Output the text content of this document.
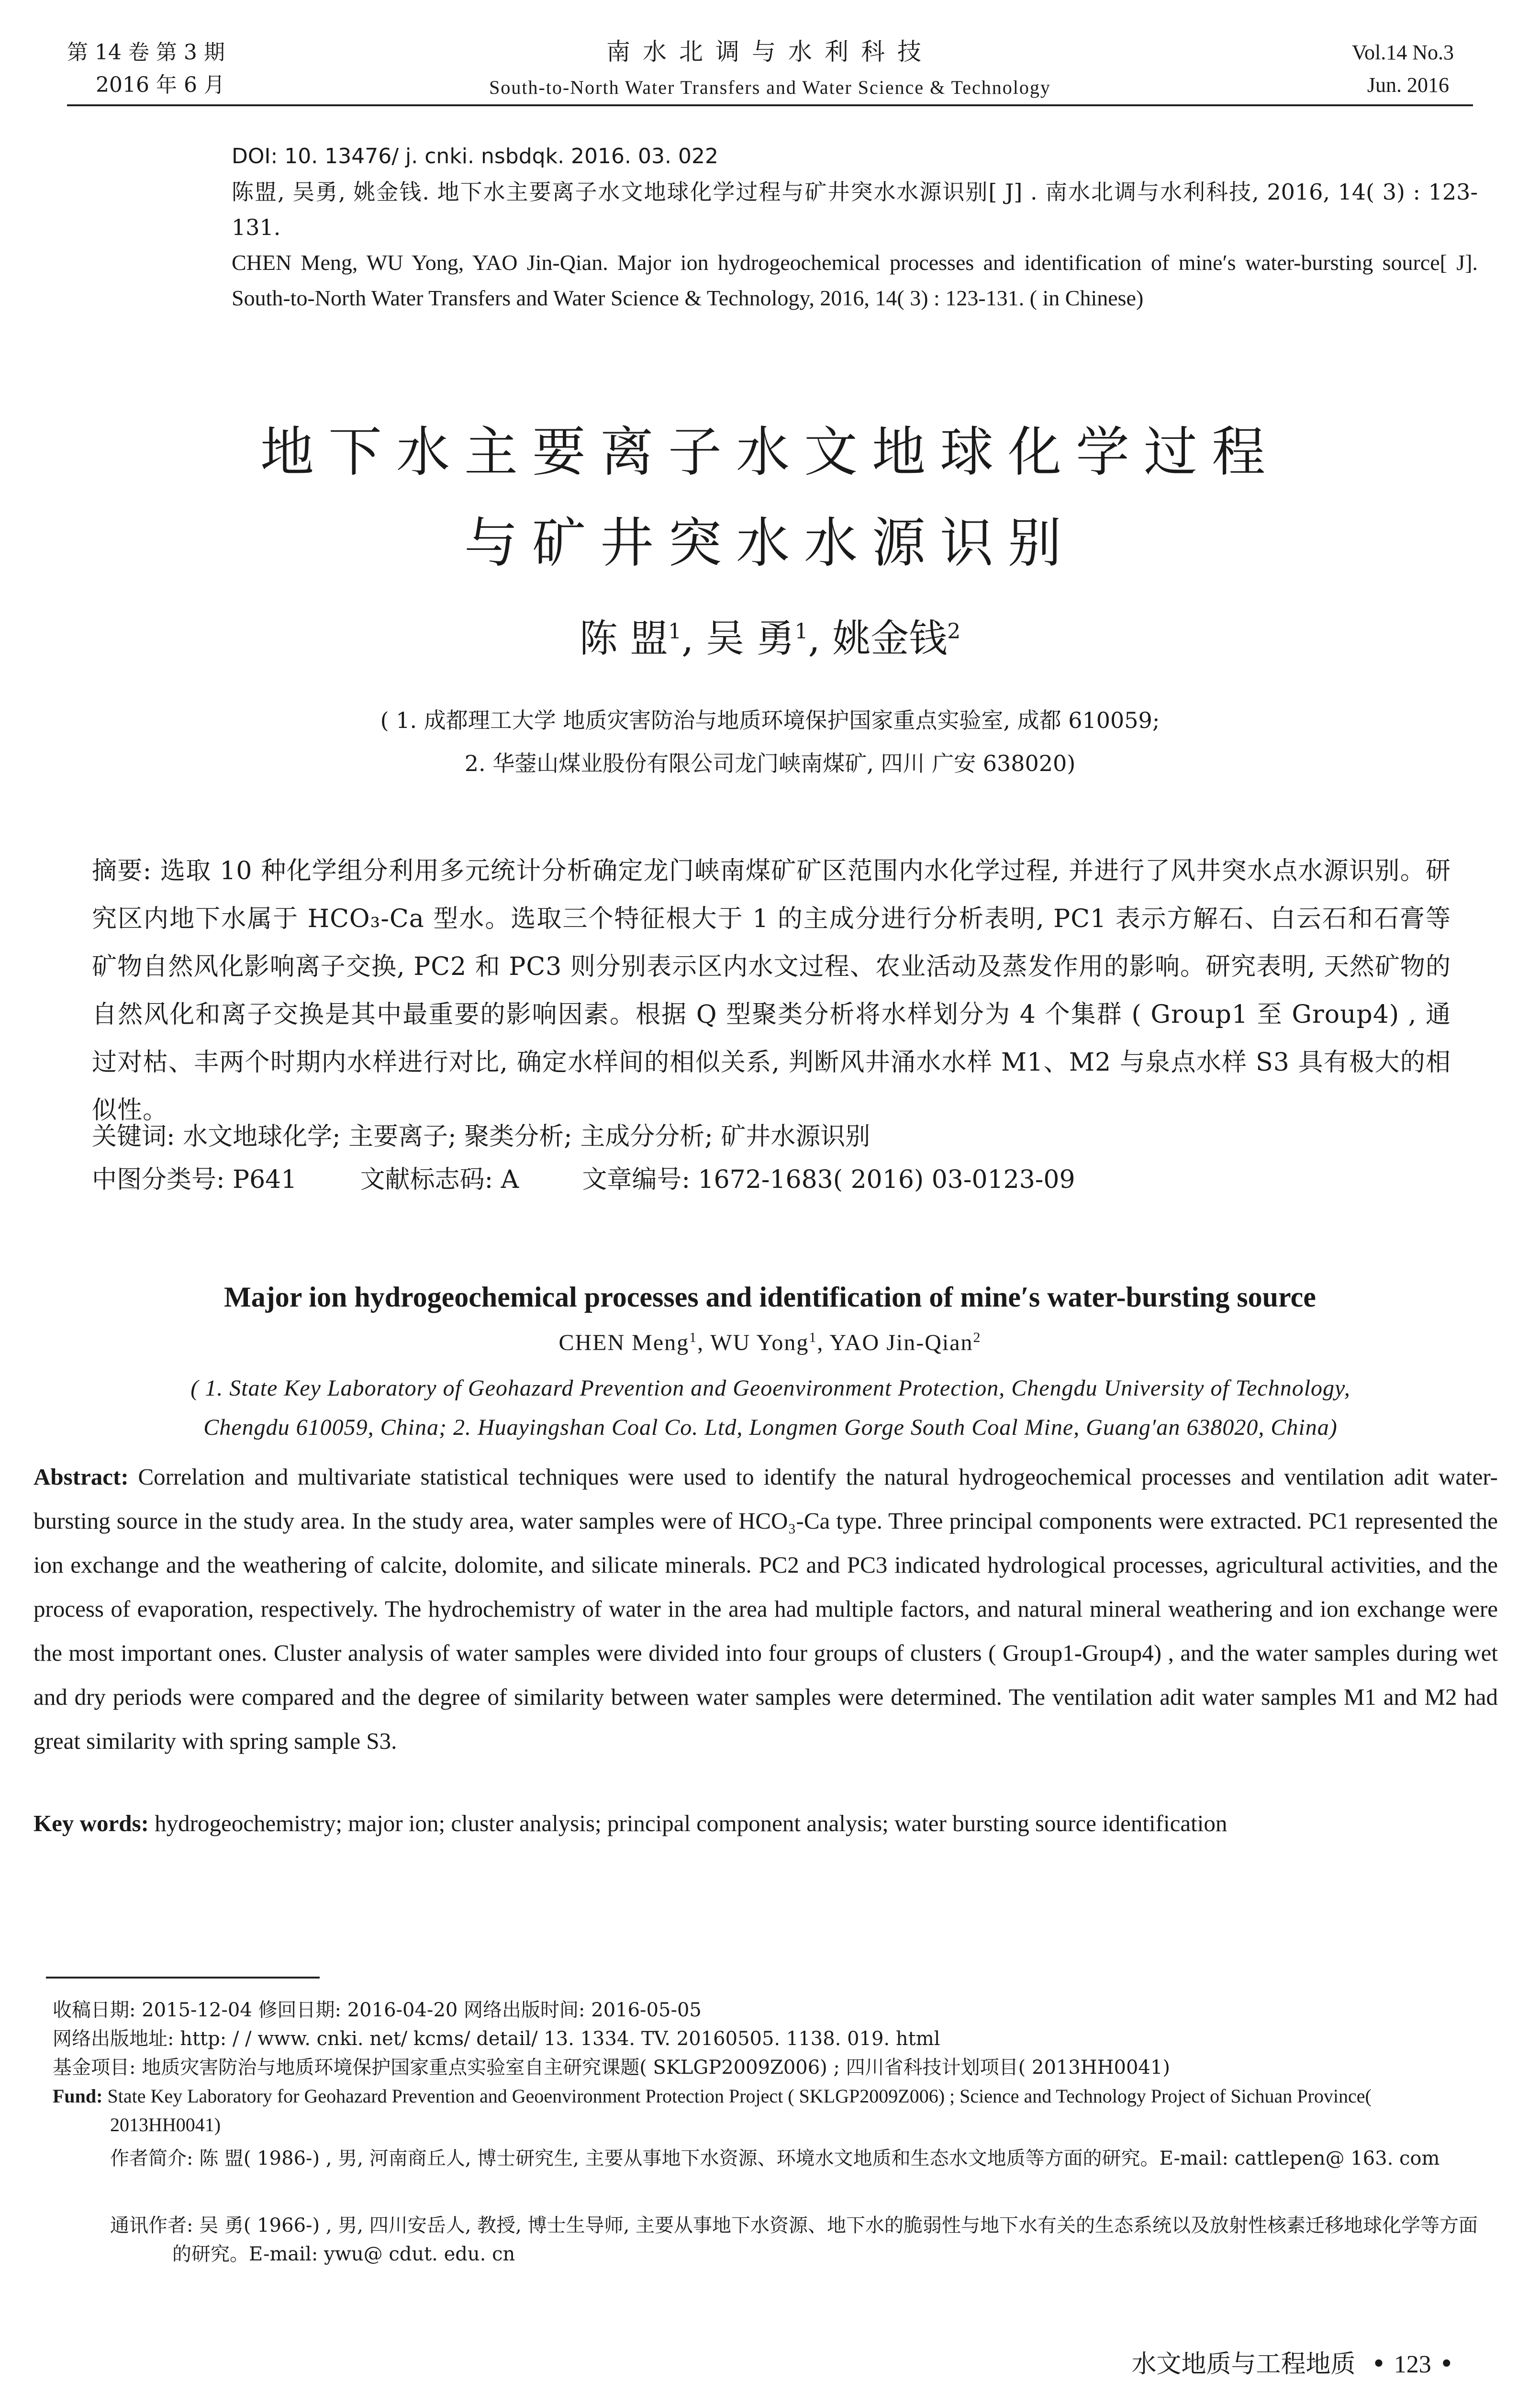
第 14 卷 第 3 期
2016 年 6 月
南水北调与水利科技
South-to-North Water Transfers and Water Science & Technology
Vol.14 No.3
Jun. 2016
DOI: 10. 13476/ j. cnki. nsbdqk. 2016. 03. 022
陈盟, 吴勇, 姚金钱. 地下水主要离子水文地球化学过程与矿井突水水源识别[ J] . 南水北调与水利科技, 2016, 14( 3) : 123-131.
CHEN Meng, WU Yong, YAO Jin-Qian. Major ion hydrogeochemical processes and identification of mine′s water-bursting source[ J]. South-to-North Water Transfers and Water Science & Technology, 2016, 14( 3) : 123-131. ( in Chinese)
地下水主要离子水文地球化学过程
与矿井突水水源识别
陈 盟$^1$, 吴 勇$^1$, 姚金钱$^2$
( 1. 成都理工大学 地质灾害防治与地质环境保护国家重点实验室, 成都 610059;
2. 华蓥山煤业股份有限公司龙门峡南煤矿, 四川 广安 638020)
摘要: 选取 10 种化学组分利用多元统计分析确定龙门峡南煤矿矿区范围内水化学过程, 并进行了风井突水点水源识别。研究区内地下水属于 HCO₃-Ca 型水。选取三个特征根大于 1 的主成分进行分析表明, PC1 表示方解石、白云石和石膏等矿物自然风化影响离子交换, PC2 和 PC3 则分别表示区内水文过程、农业活动及蒸发作用的影响。研究表明, 天然矿物的自然风化和离子交换是其中最重要的影响因素。根据 Q 型聚类分析将水样划分为 4 个集群 ( Group1 至 Group4) , 通过对枯、丰两个时期内水样进行对比, 确定水样间的相似关系, 判断风井涌水水样 M1、M2 与泉点水样 S3 具有极大的相似性。
关键词: 水文地球化学; 主要离子; 聚类分析; 主成分分析; 矿井水源识别
中图分类号: P641	文献标志码: A	文章编号: 1672-1683( 2016) 03-0123-09
Major ion hydrogeochemical processes and identification of mine′s water-bursting source
CHEN Meng$^1$, WU Yong$^1$, YAO Jin-Qian$^2$
( 1. State Key Laboratory of Geohazard Prevention and Geoenvironment Protection, Chengdu University of Technology,
Chengdu 610059, China; 2. Huayingshan Coal Co. Ltd, Longmen Gorge South Coal Mine, Guang′an 638020, China)
Abstract: Correlation and multivariate statistical techniques were used to identify the natural hydrogeochemical processes and ventilation adit water-bursting source in the study area. In the study area, water samples were of HCO₃-Ca type. Three principal components were extracted. PC1 represented the ion exchange and the weathering of calcite, dolomite, and silicate minerals. PC2 and PC3 indicated hydrological processes, agricultural activities, and the process of evaporation, respectively. The hydrochemistry of water in the area had multiple factors, and natural mineral weathering and ion exchange were the most important ones. Cluster analysis of water samples were divided into four groups of clusters ( Group1-Group4) , and the water samples during wet and dry periods were compared and the degree of similarity between water samples were determined. The ventilation adit water samples M1 and M2 had great similarity with spring sample S3.
Key words: hydrogeochemistry; major ion; cluster analysis; principal component analysis; water bursting source identification
收稿日期: 2015-12-04 修回日期: 2016-04-20 网络出版时间: 2016-05-05
网络出版地址: http: / / www. cnki. net/ kcms/ detail/ 13. 1334. TV. 20160505. 1138. 019. html
基金项目: 地质灾害防治与地质环境保护国家重点实验室自主研究课题( SKLGP2009Z006) ; 四川省科技计划项目( 2013HH0041)
Fund: State Key Laboratory for Geohazard Prevention and Geoenvironment Protection Project ( SKLGP2009Z006) ; Science and Technology Project of Sichuan Province( 2013HH0041)
作者简介: 陈 盟( 1986-) , 男, 河南商丘人, 博士研究生, 主要从事地下水资源、环境水文地质和生态水文地质等方面的研究。E-mail: cattlepen@ 163. com
通讯作者: 吴 勇( 1966-) , 男, 四川安岳人, 教授, 博士生导师, 主要从事地下水资源、地下水的脆弱性与地下水有关的生态系统以及放射性核素迁移地球化学等方面的研究。E-mail: ywu@ cdut. edu. cn
水文地质与工程地质  • 123 •
